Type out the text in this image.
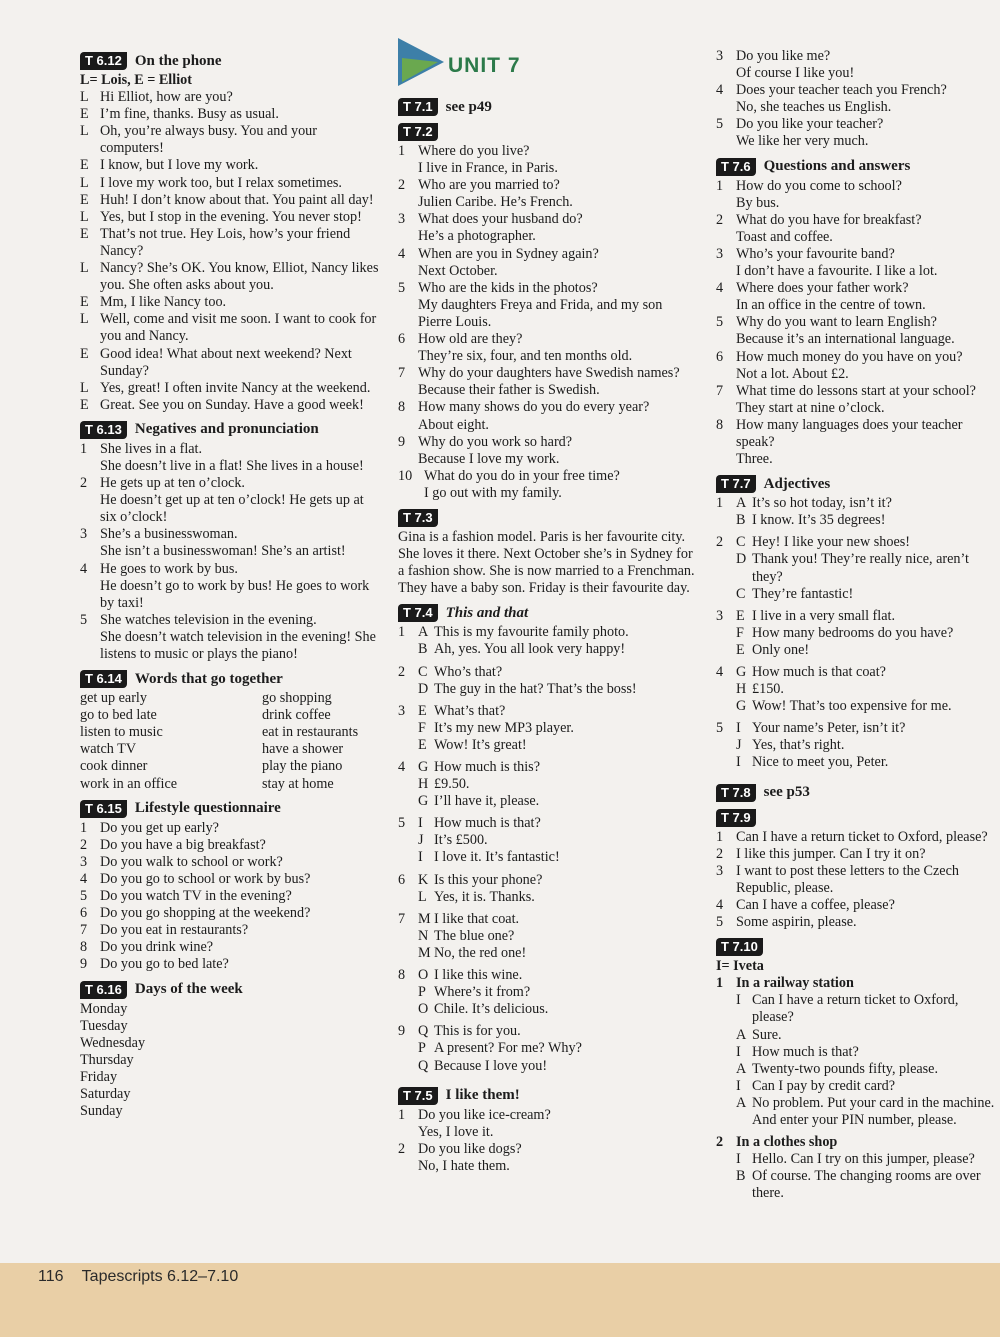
T 6.12 On the phone
L= Lois, E = Elliot
L Hi Elliot, how are you?
E I’m fine, thanks. Busy as usual.
L Oh, you’re always busy. You and your computers!
E I know, but I love my work.
L I love my work too, but I relax sometimes.
E Huh! I don’t know about that. You paint all day!
L Yes, but I stop in the evening. You never stop!
E That’s not true. Hey Lois, how’s your friend Nancy?
L Nancy? She’s OK. You know, Elliot, Nancy likes you. She often asks about you.
E Mm, I like Nancy too.
L Well, come and visit me soon. I want to cook for you and Nancy.
E Good idea! What about next weekend? Next Sunday?
L Yes, great! I often invite Nancy at the weekend.
E Great. See you on Sunday. Have a good week!
T 6.13 Negatives and pronunciation
1 She lives in a flat.
She doesn’t live in a flat! She lives in a house!
2 He gets up at ten o’clock.
He doesn’t get up at ten o’clock! He gets up at six o’clock!
3 She’s a businesswoman.
She isn’t a businesswoman! She’s an artist!
4 He goes to work by bus.
He doesn’t go to work by bus! He goes to work by taxi!
5 She watches television in the evening.
She doesn’t watch television in the evening! She listens to music or plays the piano!
T 6.14 Words that go together
get up early	go shopping
go to bed late	drink coffee
listen to music	eat in restaurants
watch TV	have a shower
cook dinner	play the piano
work in an office	stay at home
T 6.15 Lifestyle questionnaire
1 Do you get up early?
2 Do you have a big breakfast?
3 Do you walk to school or work?
4 Do you go to school or work by bus?
5 Do you watch TV in the evening?
6 Do you go shopping at the weekend?
7 Do you eat in restaurants?
8 Do you drink wine?
9 Do you go to bed late?
T 6.16 Days of the week
Monday
Tuesday
Wednesday
Thursday
Friday
Saturday
Sunday
UNIT 7
T 7.1 see p49
T 7.2
1 Where do you live?
I live in France, in Paris.
2 Who are you married to?
Julien Caribe. He’s French.
3 What does your husband do?
He’s a photographer.
4 When are you in Sydney again?
Next October.
5 Who are the kids in the photos?
My daughters Freya and Frida, and my son Pierre Louis.
6 How old are they?
They’re six, four, and ten months old.
7 Why do your daughters have Swedish names?
Because their father is Swedish.
8 How many shows do you do every year?
About eight.
9 Why do you work so hard?
Because I love my work.
10 What do you do in your free time?
I go out with my family.
T 7.3
Gina is a fashion model. Paris is her favourite city. She loves it there. Next October she’s in Sydney for a fashion show. She is now married to a Frenchman. They have a baby son. Friday is their favourite day.
T 7.4 This and that
1 A This is my favourite family photo.
B Ah, yes. You all look very happy!
2 C Who’s that?
D The guy in the hat? That’s the boss!
3 E What’s that?
F It’s my new MP3 player.
E Wow! It’s great!
4 G How much is this?
H £9.50.
G I’ll have it, please.
5 I How much is that?
J It’s £500.
I I love it. It’s fantastic!
6 K Is this your phone?
L Yes, it is. Thanks.
7 M I like that coat.
N The blue one?
M No, the red one!
8 O I like this wine.
P Where’s it from?
O Chile. It’s delicious.
9 Q This is for you.
P A present? For me? Why?
Q Because I love you!
T 7.5 I like them!
1 Do you like ice-cream?
Yes, I love it.
2 Do you like dogs?
No, I hate them.
3 Do you like me?
Of course I like you!
4 Does your teacher teach you French?
No, she teaches us English.
5 Do you like your teacher?
We like her very much.
T 7.6 Questions and answers
1 How do you come to school?
By bus.
2 What do you have for breakfast?
Toast and coffee.
3 Who’s your favourite band?
I don’t have a favourite. I like a lot.
4 Where does your father work?
In an office in the centre of town.
5 Why do you want to learn English?
Because it’s an international language.
6 How much money do you have on you?
Not a lot. About £2.
7 What time do lessons start at your school?
They start at nine o’clock.
8 How many languages does your teacher speak?
Three.
T 7.7 Adjectives
1 A It’s so hot today, isn’t it?
B I know. It’s 35 degrees!
2 C Hey! I like your new shoes!
D Thank you! They’re really nice, aren’t they?
C They’re fantastic!
3 E I live in a very small flat.
F How many bedrooms do you have?
E Only one!
4 G How much is that coat?
H £150.
G Wow! That’s too expensive for me.
5 I Your name’s Peter, isn’t it?
J Yes, that’s right.
I Nice to meet you, Peter.
T 7.8 see p53
T 7.9
1 Can I have a return ticket to Oxford, please?
2 I like this jumper. Can I try it on?
3 I want to post these letters to the Czech Republic, please.
4 Can I have a coffee, please?
5 Some aspirin, please.
T 7.10
I= Iveta
1 In a railway station
I Can I have a return ticket to Oxford, please?
A Sure.
I How much is that?
A Twenty-two pounds fifty, please.
I Can I pay by credit card?
A No problem. Put your card in the machine. And enter your PIN number, please.
2 In a clothes shop
I Hello. Can I try on this jumper, please?
B Of course. The changing rooms are over there.
116 Tapescripts 6.12–7.10
